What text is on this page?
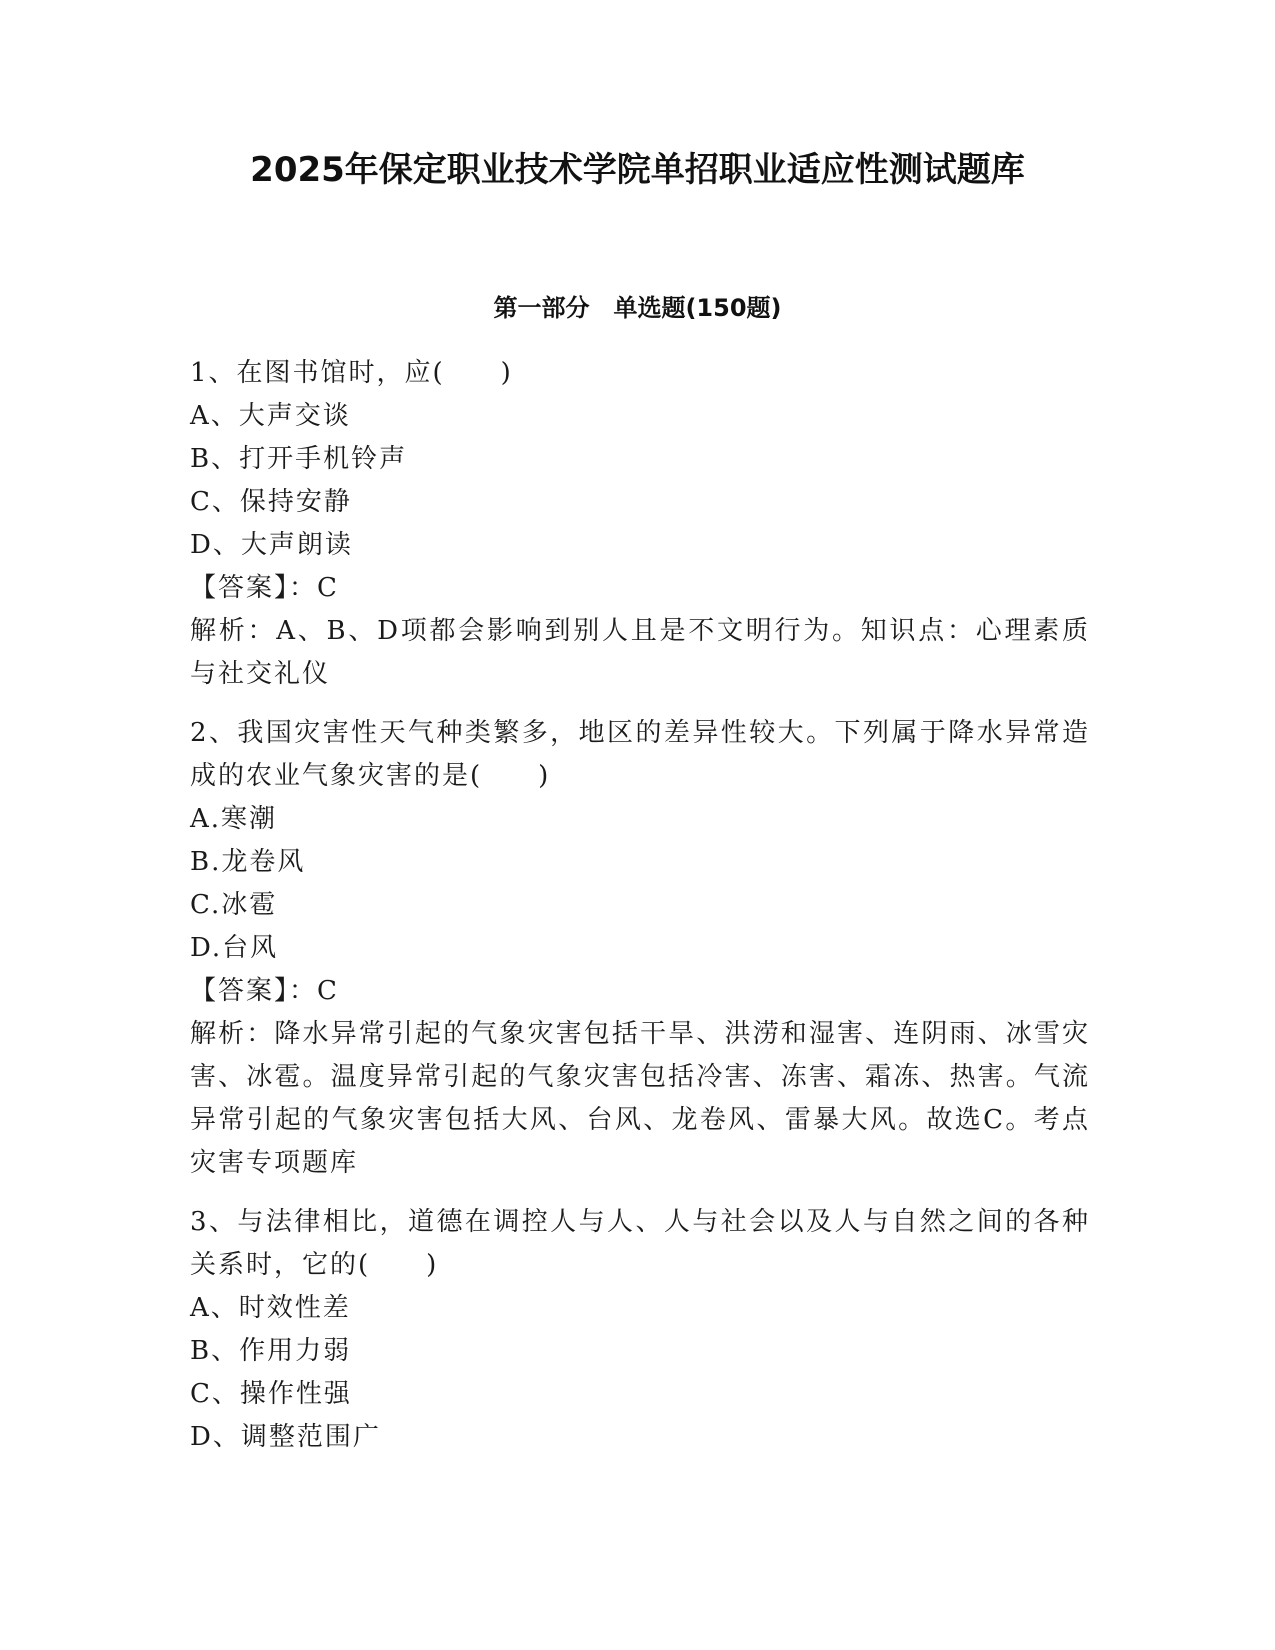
2025年保定职业技术学院单招职业适应性测试题库
第一部分　单选题(150题)
1、在图书馆时，应(　　)
A、大声交谈
B、打开手机铃声
C、保持安静
D、大声朗读
【答案】：C
解析：A、B、D项都会影响到别人且是不文明行为。知识点：心理素质与社交礼仪
2、我国灾害性天气种类繁多，地区的差异性较大。下列属于降水异常造成的农业气象灾害的是(　　)
A.寒潮
B.龙卷风
C.冰雹
D.台风
【答案】：C
解析：降水异常引起的气象灾害包括干旱、洪涝和湿害、连阴雨、冰雪灾害、冰雹。温度异常引起的气象灾害包括冷害、冻害、霜冻、热害。气流异常引起的气象灾害包括大风、台风、龙卷风、雷暴大风。故选C。考点灾害专项题库
3、与法律相比，道德在调控人与人、人与社会以及人与自然之间的各种关系时，它的(　　)
A、时效性差
B、作用力弱
C、操作性强
D、调整范围广
